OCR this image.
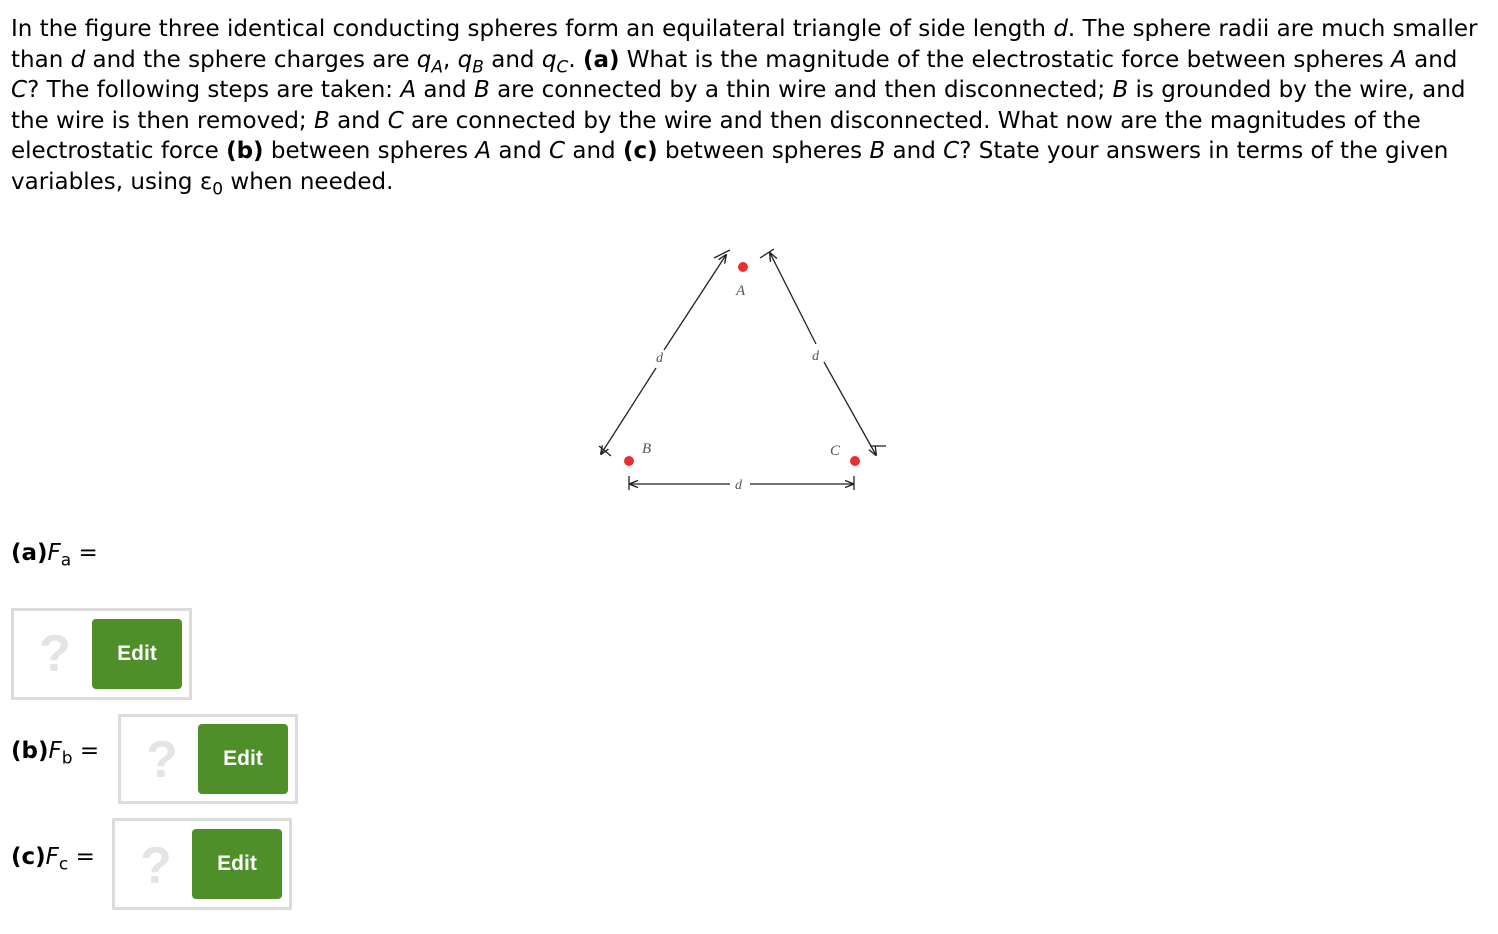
In the figure three identical conducting spheres form an equilateral triangle of side length d. The sphere radii are much smaller than d and the sphere charges are $q_A$, $q_B$ and $q_C$. (a) What is the magnitude of the electrostatic force between spheres A and C? The following steps are taken: A and B are connected by a thin wire and then disconnected; B is grounded by the wire, and the wire is then removed; B and C are connected by the wire and then disconnected. What now are the magnitudes of the electrostatic force (b) between spheres A and C and (c) between spheres B and C? State your answers in terms of the given variables, using $\varepsilon_0$ when needed.

A
B	C
d	d
d
$(a)F_a$ =
?	Edit
$(b)F_b$ = ?	Edit
$(c)F_c$ = ?	Edit
